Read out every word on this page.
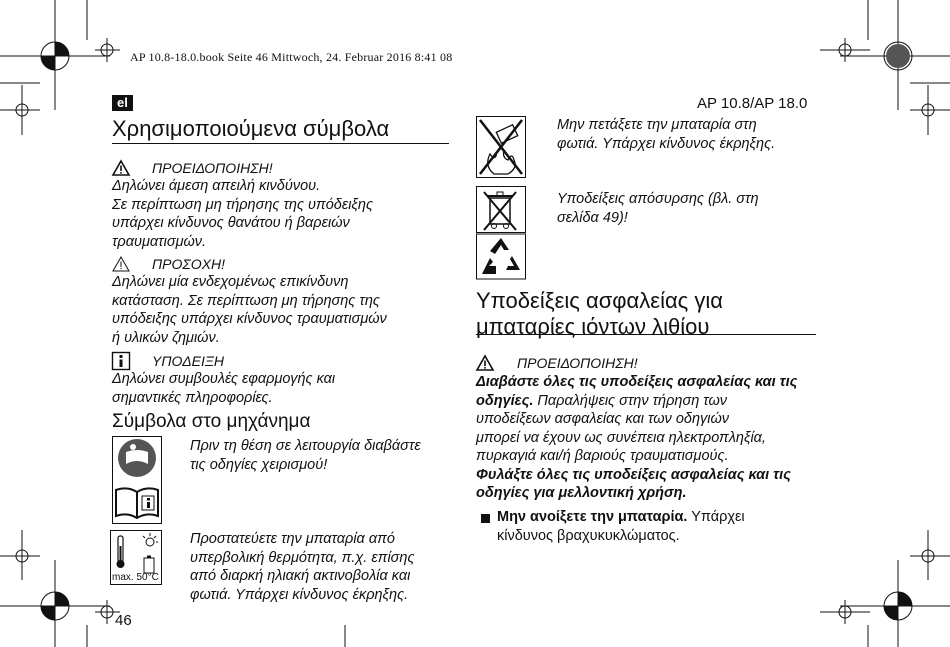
AP 10.8-18.0.book Seite 46 Mittwoch, 24. Februar 2016 8:41 08
el	AP 10.8/AP 18.0
Χρησιμοποιούμενα σύμβολα
ΠΡΟΕΙΔΟΠΟΙΗΣΗ!

Δηλώνει άμεση απειλή κινδύνου.

Σε περίπτωση μη τήρησης της υπόδειξης

υπάρχει κίνδυνος θανάτου ή βαρειών

τραυματισμών.

ΠΡΟΣΟΧΗ!

Δηλώνει μία ενδεχομένως επικίνδυνη

κατάσταση. Σε περίπτωση μη τήρησης της

υπόδειξης υπάρχει κίνδυνος τραυματισμών

ή υλικών ζημιών.

ΥΠΟΔΕΙΞΗ

Δηλώνει συμβουλές εφαρμογής και

σημαντικές πληροφορίες.

Σύμβολα στο μηχάνημα

Πριν τη θέση σε λειτουργία διαβάστε

τις οδηγίες χειρισμού!

max. 50°C

Προστατεύετε την μπαταρία από

υπερβολική θερμότητα, π.χ. επίσης

από διαρκή ηλιακή ακτινοβολία και

φωτιά. Υπάρχει κίνδυνος έκρηξης.

46

Μην πετάξετε την μπαταρία στη

φωτιά. Υπάρχει κίνδυνος έκρηξης.

Υποδείξεις απόσυρσης (βλ. στη

σελίδα 49)!

Υποδείξεις ασφαλείας για

μπαταρίες ιόντων λιθίου

ΠΡΟΕΙΔΟΠΟΙΗΣΗ!

Διαβάστε όλες τις υποδείξεις ασφαλείας και τις

οδηγίες. Παραλήψεις στην τήρηση των

υποδείξεων ασφαλείας και των οδηγιών

μπορεί να έχουν ως συνέπεια ηλεκτροπληξία,

πυρκαγιά και/ή βαριούς τραυματισμούς.

Φυλάξτε όλες τις υποδείξεις ασφαλείας και τις

οδηγίες για μελλοντική χρήση.

Μην ανοίξετε την μπαταρία. Υπάρχει

κίνδυνος βραχυκυκλώματος.
